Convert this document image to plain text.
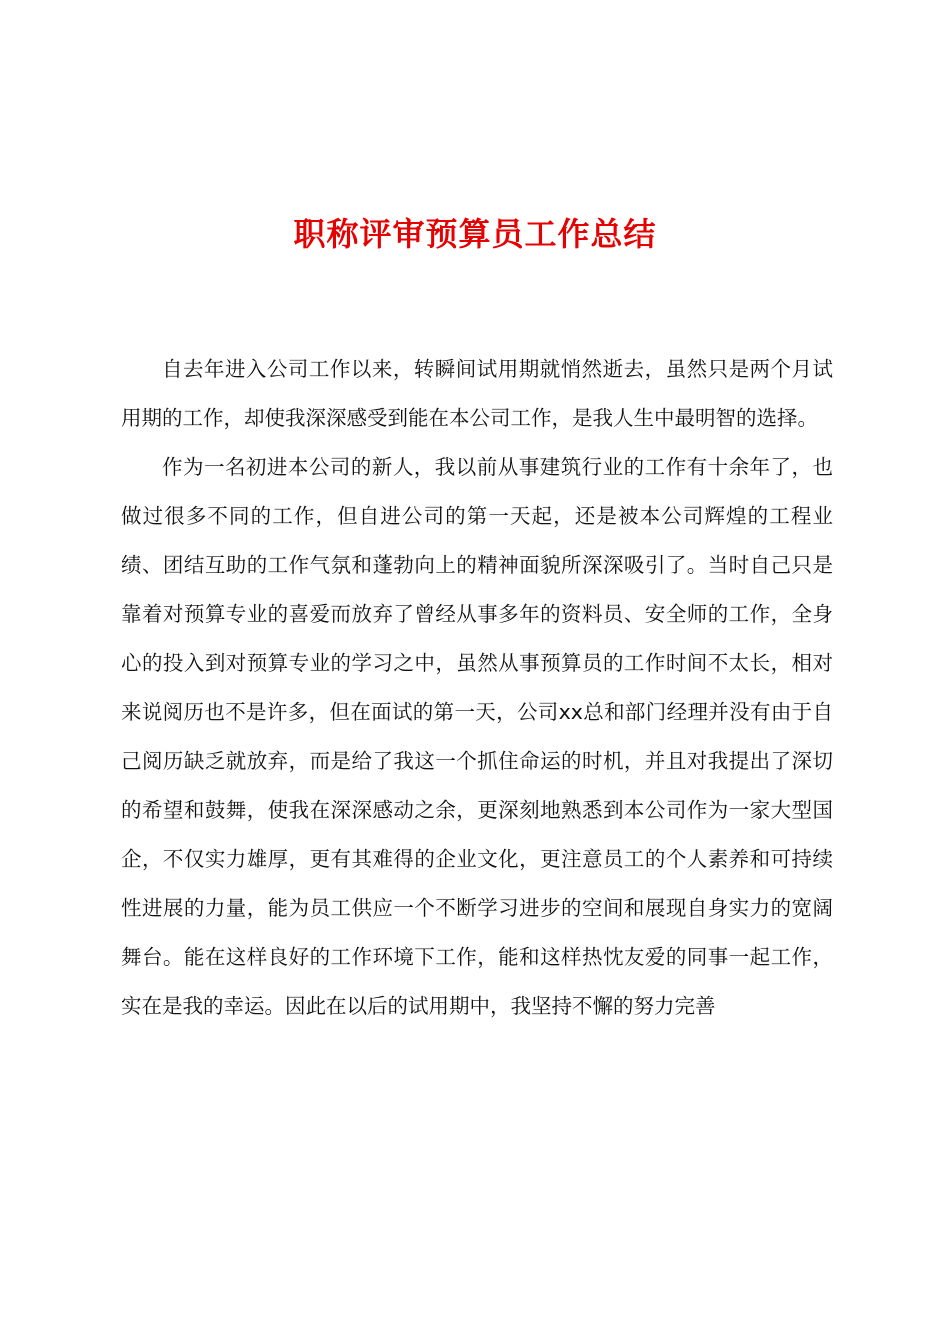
职称评审预算员工作总结

自去年进入公司工作以来，转瞬间试用期就悄然逝去，虽然只是两个月试用期的工作，却使我深深感受到能在本公司工作，是我人生中最明智的选择。

作为一名初进本公司的新人，我以前从事建筑行业的工作有十余年了，也做过很多不同的工作，但自进公司的第一天起，还是被本公司辉煌的工程业绩、团结互助的工作气氛和蓬勃向上的精神面貌所深深吸引了。当时自己只是靠着对预算专业的喜爱而放弃了曾经从事多年的资料员、安全师的工作，全身心的投入到对预算专业的学习之中，虽然从事预算员的工作时间不太长，相对来说阅历也不是许多，但在面试的第一天，公司xx总和部门经理并没有由于自己阅历缺乏就放弃，而是给了我这一个抓住命运的时机，并且对我提出了深切的希望和鼓舞，使我在深深感动之余，更深刻地熟悉到本公司作为一家大型国企，不仅实力雄厚，更有其难得的企业文化，更注意员工的个人素养和可持续性进展的力量，能为员工供应一个不断学习进步的空间和展现自身实力的宽阔舞台。能在这样良好的工作环境下工作，能和这样热忱友爱的同事一起工作，实在是我的幸运。因此在以后的试用期中，我坚持不懈的努力完善
